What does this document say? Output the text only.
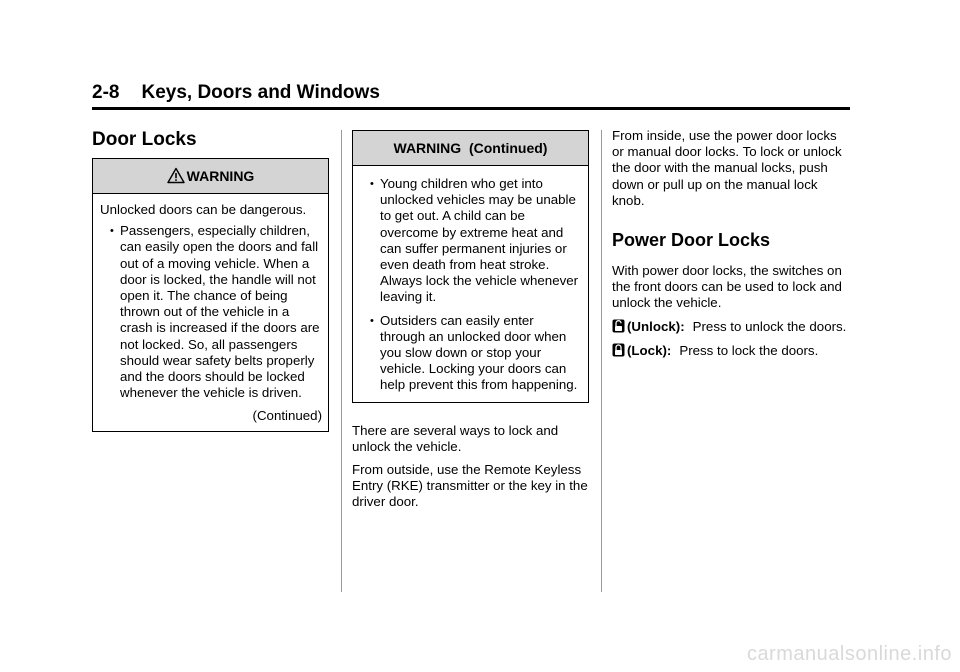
2-8 Keys, Doors and Windows
Door Locks
WARNING

Unlocked doors can be dangerous.

• Passengers, especially children, can easily open the doors and fall out of a moving vehicle. When a door is locked, the handle will not open it. The chance of being thrown out of the vehicle in a crash is increased if the doors are not locked. So, all passengers should wear safety belts properly and the doors should be locked whenever the vehicle is driven.
(Continued)
WARNING  (Continued)
• Young children who get into unlocked vehicles may be unable to get out. A child can be overcome by extreme heat and can suffer permanent injuries or even death from heat stroke. Always lock the vehicle whenever leaving it.
• Outsiders can easily enter through an unlocked door when you slow down or stop your vehicle. Locking your doors can help prevent this from happening.

There are several ways to lock and unlock the vehicle.

From outside, use the Remote Keyless Entry (RKE) transmitter or the key in the driver door.

From inside, use the power door locks or manual door locks. To lock or unlock the door with the manual locks, push down or pull up on the manual lock knob.

Power Door Locks

With power door locks, the switches on the front doors can be used to lock and unlock the vehicle.

(Unlock): Press to unlock the doors.

(Lock): Press to lock the doors.

carmanualsonline.info
